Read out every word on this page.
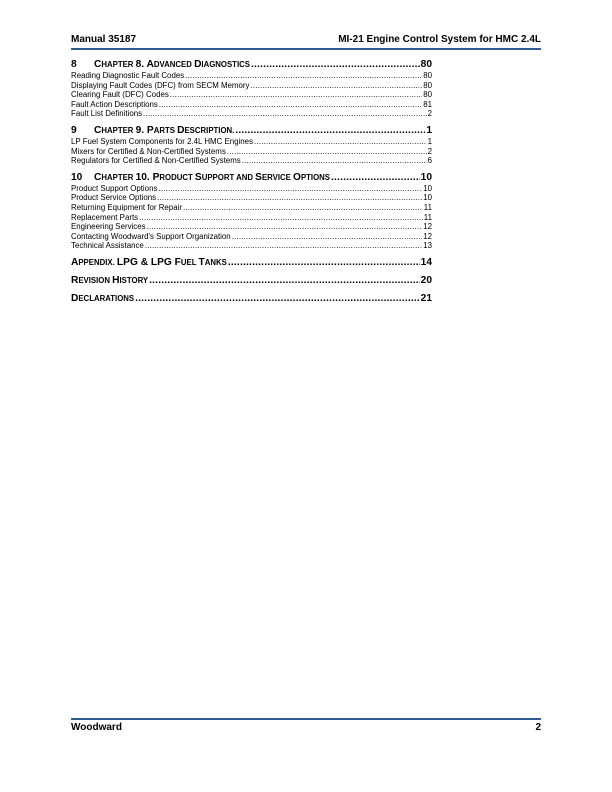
Manual 35187	MI-21 Engine Control System for HMC 2.4L
8	CHAPTER 8. ADVANCED DIAGNOSTICS .....	80
Reading Diagnostic Fault Codes .....	80
Displaying Fault Codes (DFC) from SECM Memory .....	80
Clearing Fault (DFC) Codes .....	80
Fault Action Descriptions .....	81
Fault List Definitions .....	2
9	CHAPTER 9. PARTS DESCRIPTION. .....	1
LP Fuel System Components for 2.4L HMC Engines .....	1
Mixers for Certified & Non-Certified Systems .....	2
Regulators for Certified & Non-Certified Systems .....	6
10	CHAPTER 10. PRODUCT SUPPORT AND SERVICE OPTIONS .....	10
Product Support Options .....	10
Product Service Options .....	10
Returning Equipment for Repair .....	11
Replacement Parts .....	11
Engineering Services .....	12
Contacting Woodward's Support Organization .....	12
Technical Assistance .....	13
APPENDIX. LPG & LPG FUEL TANKS .....	14
REVISION HISTORY .....	20
DECLARATIONS .....	21
Woodward	2
